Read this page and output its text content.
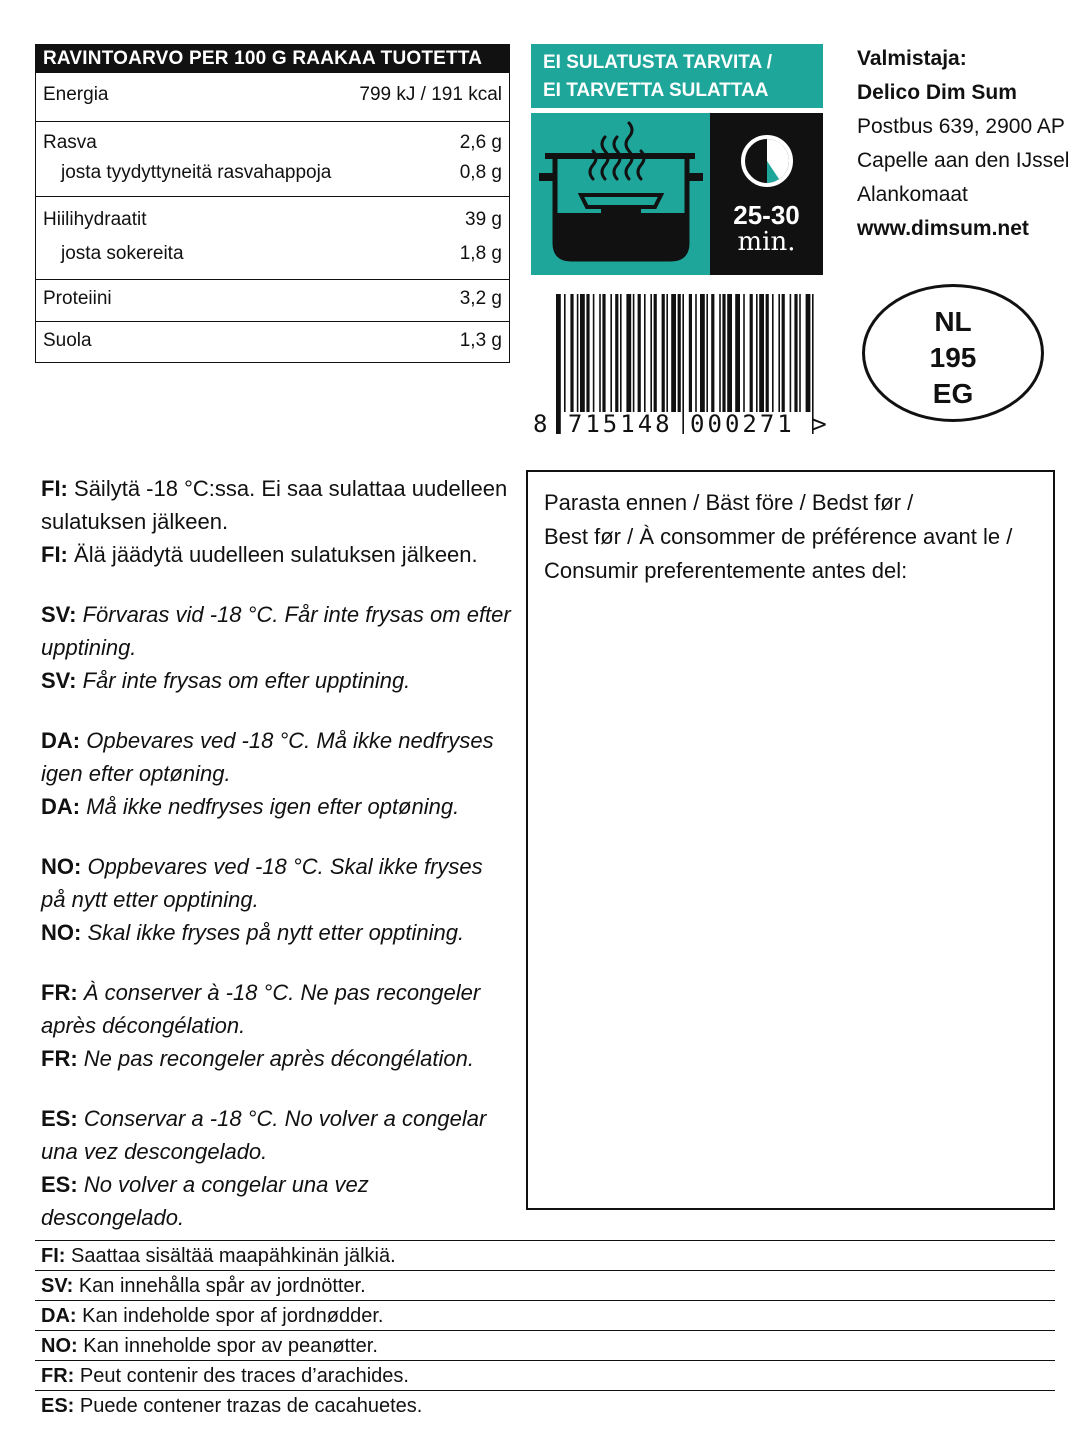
RAVINTOARVO PER 100 G RAAKAA TUOTETTA
Energia	799 kJ / 191 kcal
Rasva	2,6 g
josta tyydyttyneitä rasvahappoja	0,8 g
Hiilihydraatit	39 g
josta sokereita	1,8 g
Proteiini	3,2 g
Suola	1,3 g
EI SULATUSTA TARVITA /
EI TARVETTA SULATTAA
25-30
min.
Valmistaja:
Delico Dim Sum
Postbus 639, 2900 AP
Capelle aan den IJssel
Alankomaat
www.dimsum.net
NL
195
EG
8 715148 000271 >
FI: Säilytä -18 °C:ssa. Ei saa sulattaa uudelleen sulatuksen jälkeen.
FI: Älä jäädytä uudelleen sulatuksen jälkeen.
SV: Förvaras vid -18 °C. Får inte frysas om efter upptining.
SV: Får inte frysas om efter upptining.
DA: Opbevares ved -18 °C. Må ikke nedfryses igen efter optøning.
DA: Må ikke nedfryses igen efter optøning.
NO: Oppbevares ved -18 °C. Skal ikke fryses på nytt etter opptining.
NO: Skal ikke fryses på nytt etter opptining.
FR: À conserver à -18 °C. Ne pas recongeler après décongélation.
FR: Ne pas recongeler après décongélation.
ES: Conservar a -18 °C. No volver a congelar una vez descongelado.
ES: No volver a congelar una vez descongelado.
Parasta ennen / Bäst före / Bedst før /
Best før / À consommer de préférence avant le /
Consumir preferentemente antes del:
FI: Saattaa sisältää maapähkinän jälkiä.
SV: Kan innehålla spår av jordnötter.
DA: Kan indeholde spor af jordnødder.
NO: Kan inneholde spor av peanøtter.
FR: Peut contenir des traces d’arachides.
ES: Puede contener trazas de cacahuetes.
